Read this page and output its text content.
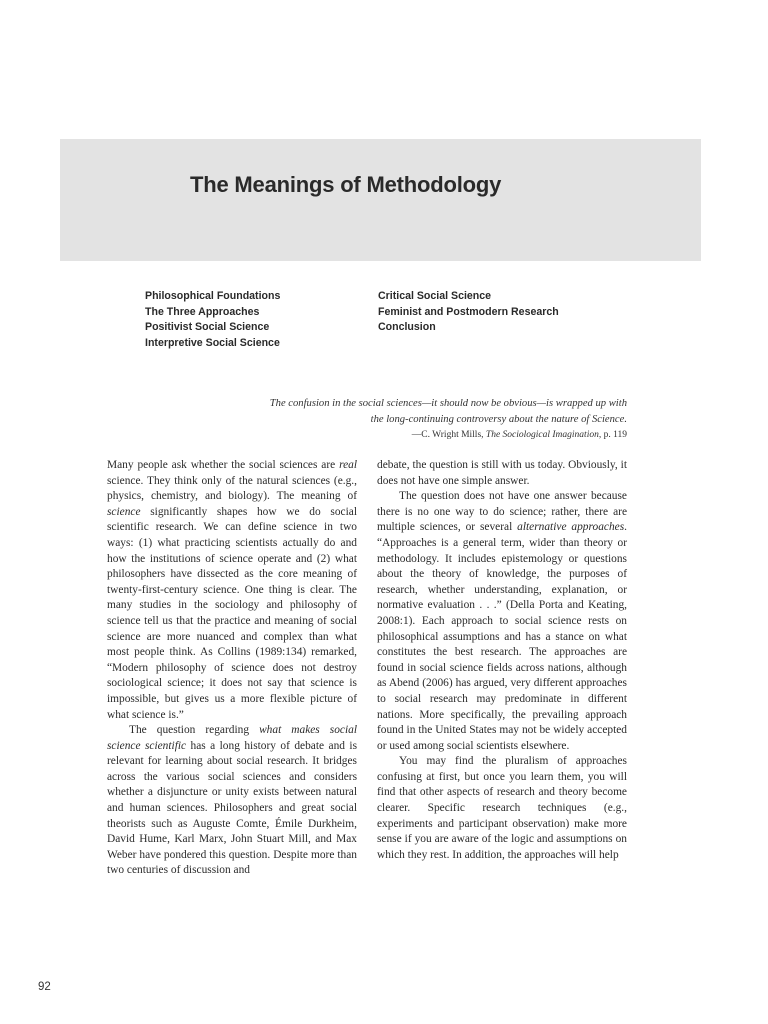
The Meanings of Methodology
Philosophical Foundations
The Three Approaches
Positivist Social Science
Interpretive Social Science
Critical Social Science
Feminist and Postmodern Research
Conclusion
The confusion in the social sciences—it should now be obvious—is wrapped up with
the long-continuing controversy about the nature of Science.
—C. Wright Mills, The Sociological Imagination, p. 119

Many people ask whether the social sciences are real science. They think only of the natural sciences (e.g., physics, chemistry, and biology). The meaning of science significantly shapes how we do social scientific research. We can define science in two ways: (1) what practicing scientists actually do and how the institutions of science operate and (2) what philosophers have dissected as the core meaning of twenty-first-century science. One thing is clear. The many studies in the sociology and philosophy of science tell us that the practice and meaning of social science are more nuanced and complex than what most people think. As Collins (1989:134) remarked, “Modern philosophy of science does not destroy sociological science; it does not say that science is impossible, but gives us a more flexible picture of what science is.”

The question regarding what makes social science scientific has a long history of debate and is relevant for learning about social research. It bridges across the various social sciences and considers whether a disjuncture or unity exists between natural and human sciences. Philosophers and great social theorists such as Auguste Comte, Émile Durkheim, David Hume, Karl Marx, John Stuart Mill, and Max Weber have pondered this question. Despite more than two centuries of discussion and

debate, the question is still with us today. Obviously, it does not have one simple answer.

The question does not have one answer because there is no one way to do science; rather, there are multiple sciences, or several alternative approaches. “Approaches is a general term, wider than theory or methodology. It includes epistemology or questions about the theory of knowledge, the purposes of research, whether understanding, explanation, or normative evaluation . . .” (Della Porta and Keating, 2008:1). Each approach to social science rests on philosophical assumptions and has a stance on what constitutes the best research. The approaches are found in social science fields across nations, although as Abend (2006) has argued, very different approaches to social research may predominate in different nations. More specifically, the prevailing approach found in the United States may not be widely accepted or used among social scientists elsewhere.

You may find the pluralism of approaches confusing at first, but once you learn them, you will find that other aspects of research and theory become clearer. Specific research techniques (e.g., experiments and participant observation) make more sense if you are aware of the logic and assumptions on which they rest. In addition, the approaches will help

92
